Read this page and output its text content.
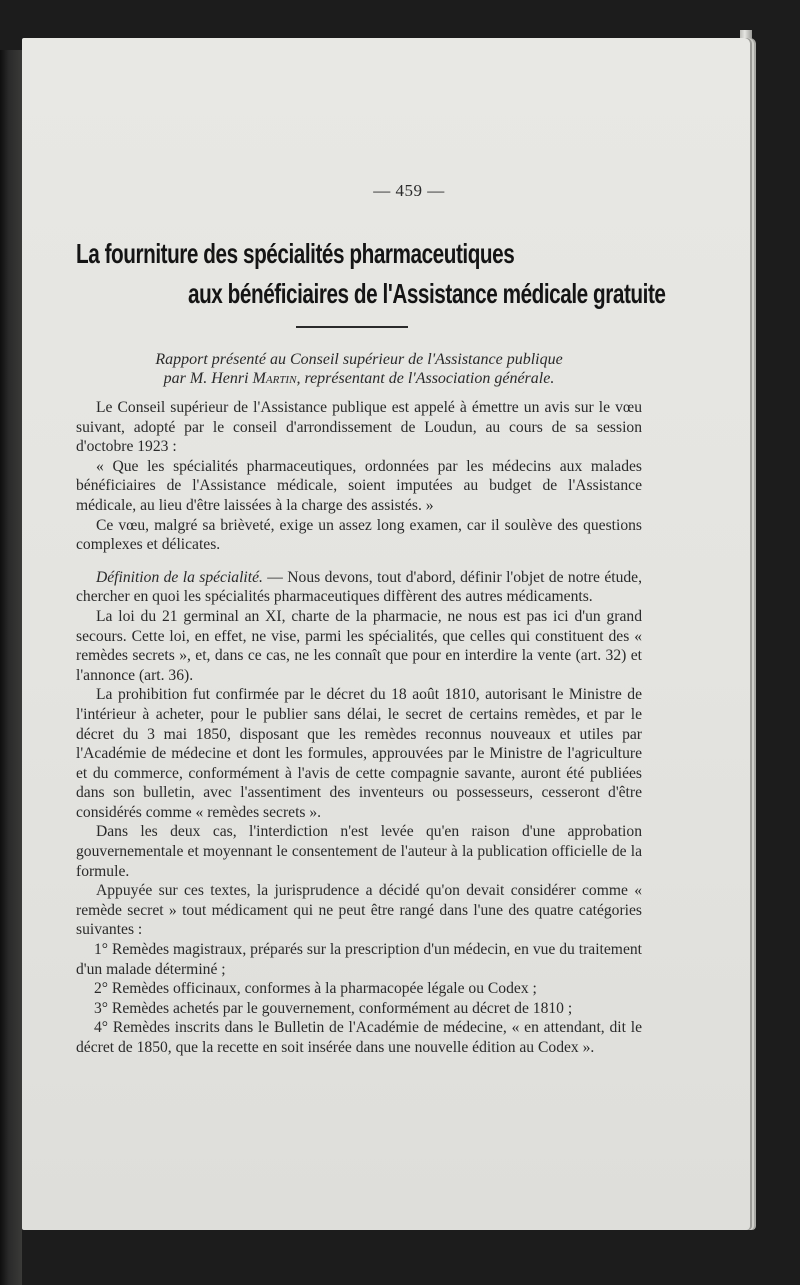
— 459 —
La fourniture des spécialités pharmaceutiques
aux bénéficiaires de l'Assistance médicale gratuite
Rapport présenté au Conseil supérieur de l'Assistance publique
par M. Henri Martin, représentant de l'Association générale.

Le Conseil supérieur de l'Assistance publique est appelé à émettre un avis sur le vœu suivant, adopté par le conseil d'arrondissement de Loudun, au cours de sa session d'octobre 1923 :

« Que les spécialités pharmaceutiques, ordonnées par les médecins aux malades bénéficiaires de l'Assistance médicale, soient imputées au budget de l'Assistance médicale, au lieu d'être laissées à la charge des assistés. »

Ce vœu, malgré sa brièveté, exige un assez long examen, car il soulève des questions complexes et délicates.

Définition de la spécialité. — Nous devons, tout d'abord, définir l'objet de notre étude, chercher en quoi les spécialités pharmaceutiques diffèrent des autres médicaments.

La loi du 21 germinal an XI, charte de la pharmacie, ne nous est pas ici d'un grand secours. Cette loi, en effet, ne vise, parmi les spécialités, que celles qui constituent des « remèdes secrets », et, dans ce cas, ne les connaît que pour en interdire la vente (art. 32) et l'annonce (art. 36).

La prohibition fut confirmée par le décret du 18 août 1810, autorisant le Ministre de l'intérieur à acheter, pour le publier sans délai, le secret de certains remèdes, et par le décret du 3 mai 1850, disposant que les remèdes reconnus nouveaux et utiles par l'Académie de médecine et dont les formules, approuvées par le Ministre de l'agriculture et du commerce, conformément à l'avis de cette compagnie savante, auront été publiées dans son bulletin, avec l'assentiment des inventeurs ou possesseurs, cesseront d'être considérés comme « remèdes secrets ».

Dans les deux cas, l'interdiction n'est levée qu'en raison d'une approbation gouvernementale et moyennant le consentement de l'auteur à la publication officielle de la formule.

Appuyée sur ces textes, la jurisprudence a décidé qu'on devait considérer comme « remède secret » tout médicament qui ne peut être rangé dans l'une des quatre catégories suivantes :

1° Remèdes magistraux, préparés sur la prescription d'un médecin, en vue du traitement d'un malade déterminé ;

2° Remèdes officinaux, conformes à la pharmacopée légale ou Codex ;

3° Remèdes achetés par le gouvernement, conformément au décret de 1810 ;

4° Remèdes inscrits dans le Bulletin de l'Académie de médecine, « en attendant, dit le décret de 1850, que la recette en soit insérée dans une nouvelle édition au Codex ».
